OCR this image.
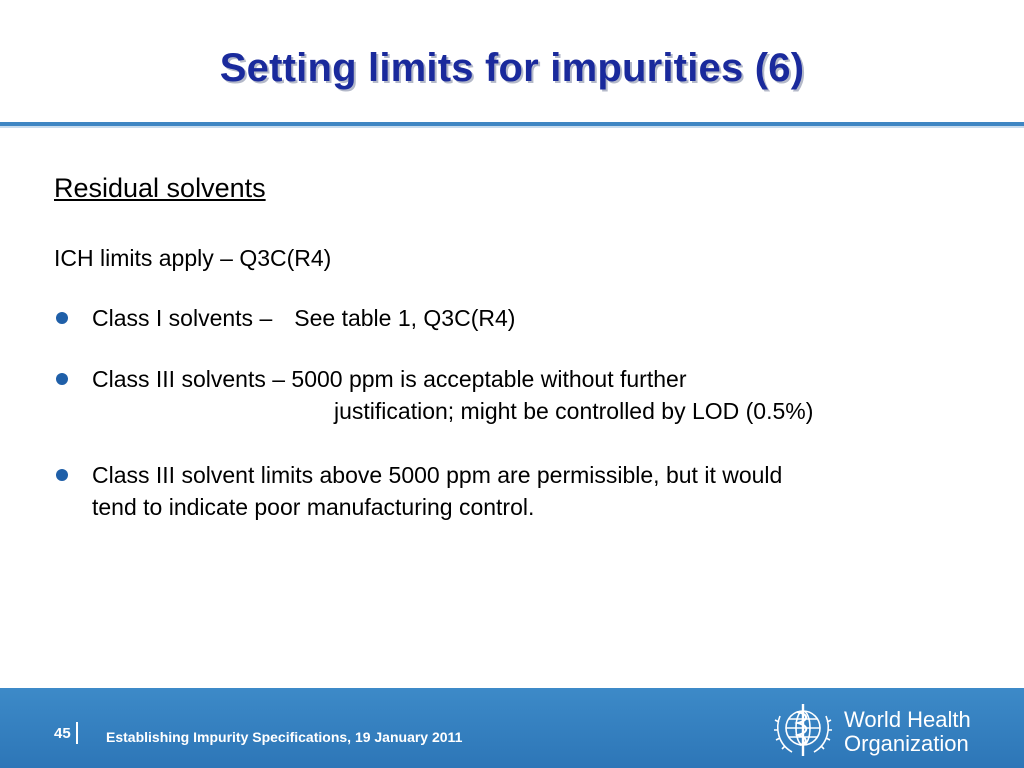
Setting limits for impurities (6)
Residual solvents
ICH limits apply – Q3C(R4)
Class I solvents – See table 1, Q3C(R4)
Class III solvents – 5000 ppm is acceptable without further
justification; might be controlled by LOD (0.5%)
Class III solvent limits above 5000 ppm are permissible, but it would
tend to indicate poor manufacturing control.
45	Establishing Impurity Specifications, 19 January 2011
World Health
Organization
